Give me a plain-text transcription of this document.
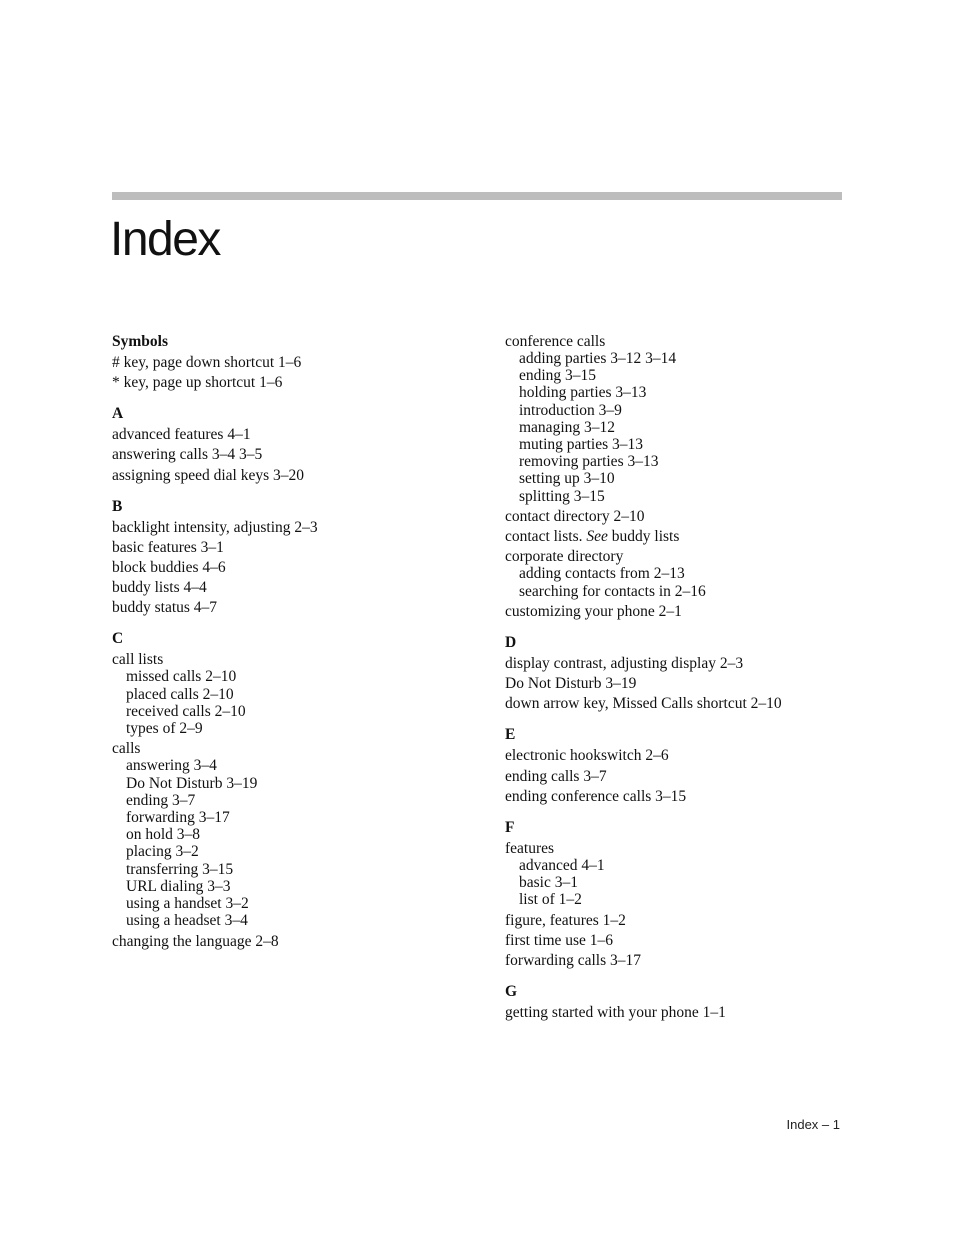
Index
Symbols
# key, page down shortcut 1–6
* key, page up shortcut 1–6
A
advanced features 4–1
answering calls 3–4 3–5
assigning speed dial keys 3–20
B
backlight intensity, adjusting 2–3
basic features 3–1
block buddies 4–6
buddy lists 4–4
buddy status 4–7
C
call lists
missed calls 2–10
placed calls 2–10
received calls 2–10
types of 2–9
calls
answering 3–4
Do Not Disturb 3–19
ending 3–7
forwarding 3–17
on hold 3–8
placing 3–2
transferring 3–15
URL dialing 3–3
using a handset 3–2
using a headset 3–4
changing the language 2–8
conference calls
adding parties 3–12 3–14
ending 3–15
holding parties 3–13
introduction 3–9
managing 3–12
muting parties 3–13
removing parties 3–13
setting up 3–10
splitting 3–15
contact directory 2–10
contact lists. See buddy lists
corporate directory
adding contacts from 2–13
searching for contacts in 2–16
customizing your phone 2–1
D
display contrast, adjusting display 2–3
Do Not Disturb 3–19
down arrow key, Missed Calls shortcut 2–10
E
electronic hookswitch 2–6
ending calls 3–7
ending conference calls 3–15
F
features
advanced 4–1
basic 3–1
list of 1–2
figure, features 1–2
first time use 1–6
forwarding calls 3–17
G
getting started with your phone 1–1
Index – 1
